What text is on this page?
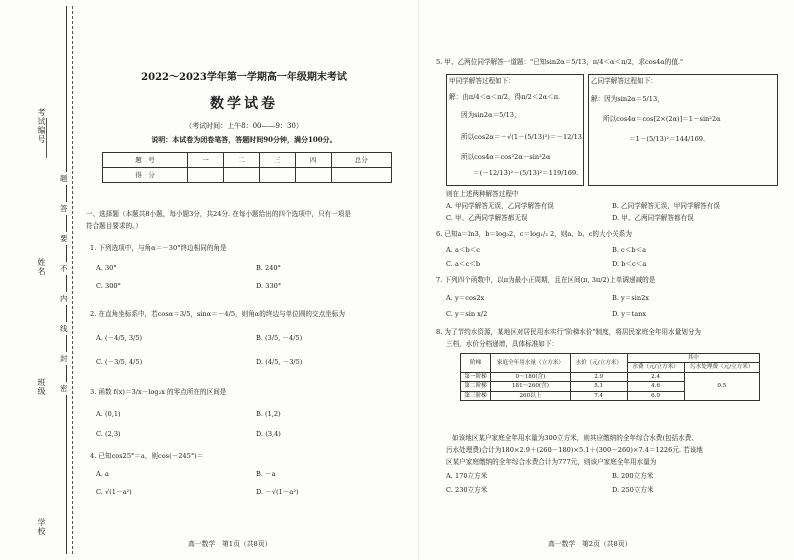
考试编号
姓名
班级
学校
题
答
要
不
内
线
封
密
2022～2023学年第一学期高一年级期末考试
数学试卷
（考试时间：上午8：00——9：30）
说明：本试卷为闭卷笔答，答题时间90分钟，满分100分。
题　号	一	二	三	四	总分
得　分					
一、选择题（本题共8小题，每小题3分，共24分. 在每小题给出的四个选项中，只有一项是
符合题目要求的。）
1. 下列选项中，与角α＝－30°终边相同的角是
A. 30°	B. 240°
C. 300°	D. 330°
2. 在直角坐标系中，若cosα＝3/5，sinα＝－4/5，则角α的终边与单位圆的交点坐标为
A. (－4/5, 3/5)	B. (3/5, －4/5)
C. (－3/5, 4/5)	D. (4/5, －3/5)
3. 函数 f(x)＝3/x－log₂x 的零点所在的区间是
A. (0,1)	B. (1,2)
C. (2,3)	D. (3,4)
4. 已知cos25°＝a，则cos(－245°)＝
A. a	B. －a
C. √(1－a²)	D. －√(1－a²)
高一数学　第1页（共8页）
5. 甲、乙两位同学解答一道题："已知sin2α＝5/13，π/4＜α＜π/2，求cos4α的值."
甲同学解答过程如下：
解：由π/4＜α＜π/2，得π/2＜2α＜π.
因为sin2α＝5/13，
所以cos2α＝－√(1－(5/13)²)＝－12/13.
所以cos4α＝cos²2α－sin²2α
＝(－12/13)²－(5/13)²＝119/169.
乙同学解答过程如下：
解：因为sin2α＝5/13，
所以cos4α＝cos[2×(2α)]＝1－sin²2α
＝1－(5/13)²＝144/169.
则在上述两种解答过程中
A. 甲同学解答无误，乙同学解答有误	B. 乙同学解答无误，甲同学解答有误
C. 甲、乙两同学解答都无误	D. 甲、乙两同学解答都有误
6. 已知a＝ln3，b＝log₃2，c＝log₁/₂ 2，则a、b、c的大小关系为
A. a＜b＜c	B. c＜b＜a
C. a＜c＜b	D. b＜c＜a
7. 下列四个函数中，以π为最小正周期，且在区间(π, 3π/2)上单调递减的是
A. y＝cos2x	B. y＝sin2x
C. y＝sin x/2	D. y＝tanx
8. 为了节约水资源，某地区对居民用水实行"阶梯水价"制度，将居民家庭全年用水量划分为
三档，水价分档递增，具体标准如下：
阶梯	家庭全年用水量（立方米）	水价（元/立方米）	其中	
			水费（元/立方米）	污水处理费（元/立方米）
第一阶梯	0～180(含)	2.9	2.4	0.5
第二阶梯	181～260(含)	5.1	4.6	
第三阶梯	260以上	7.4	6.9	
如该地区某户家庭全年用水量为300立方米，则其应缴纳的全年综合水费(包括水费、
污水处理费)合计为180×2.9＋(260－180)×5.1＋(300－260)×7.4＝1226元. 若该地
区某户家庭缴纳的全年综合水费合计为777元，则该户家庭全年用水量为
A. 170立方米	B. 200立方米
C. 230立方米	D. 250立方米
高一数学　第2页（共8页）
